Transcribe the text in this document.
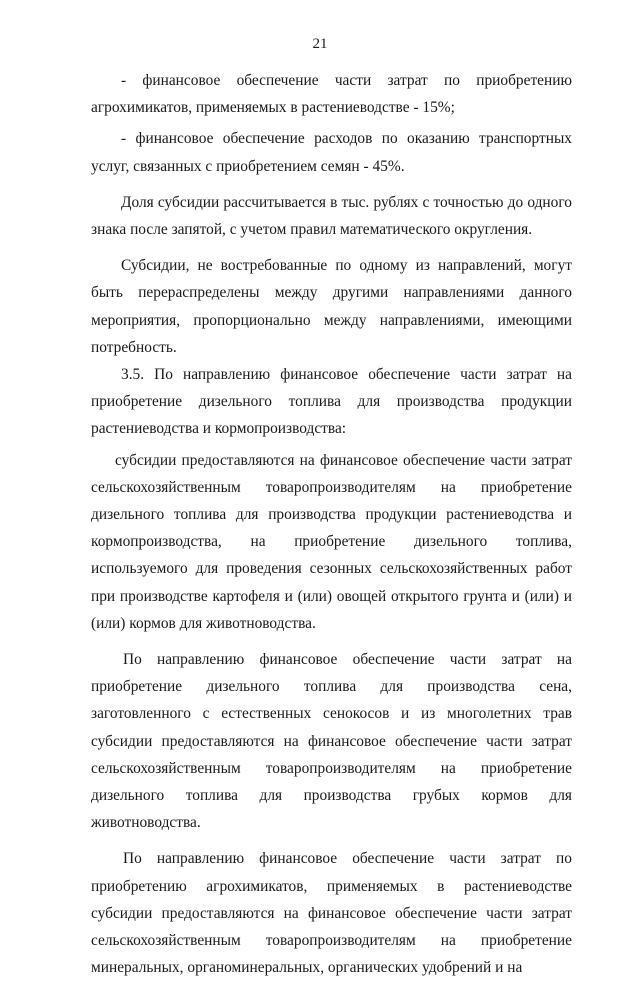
21

- финансовое обеспечение части затрат по приобретению агрохимикатов, применяемых в растениеводстве - 15%;

- финансовое обеспечение расходов по оказанию транспортных услуг, связанных с приобретением семян - 45%.

Доля субсидии рассчитывается в тыс. рублях с точностью до одного знака после запятой, с учетом правил математического округления.

Субсидии, не востребованные по одному из направлений, могут быть перераспределены между другими направлениями данного мероприятия, пропорционально между направлениями, имеющими потребность.

3.5. По направлению финансовое обеспечение части затрат на приобретение дизельного топлива для производства продукции растениеводства и кормопроизводства:

субсидии предоставляются на финансовое обеспечение части затрат сельскохозяйственным товаропроизводителям на приобретение дизельного топлива для производства продукции растениеводства и кормопроизводства, на приобретение дизельного топлива, используемого для проведения сезонных сельскохозяйственных работ при производстве картофеля и (или) овощей открытого грунта и (или) и (или) кормов для животноводства.

По направлению финансовое обеспечение части затрат на приобретение дизельного топлива для производства сена, заготовленного с естественных сенокосов и из многолетних трав субсидии предоставляются на финансовое обеспечение части затрат сельскохозяйственным товаропроизводителям на приобретение дизельного топлива для производства грубых кормов для животноводства.

По направлению финансовое обеспечение части затрат по приобретению агрохимикатов, применяемых в растениеводстве субсидии предоставляются на финансовое обеспечение части затрат сельскохозяйственным товаропроизводителям на приобретение минеральных, органоминеральных, органических удобрений и на
